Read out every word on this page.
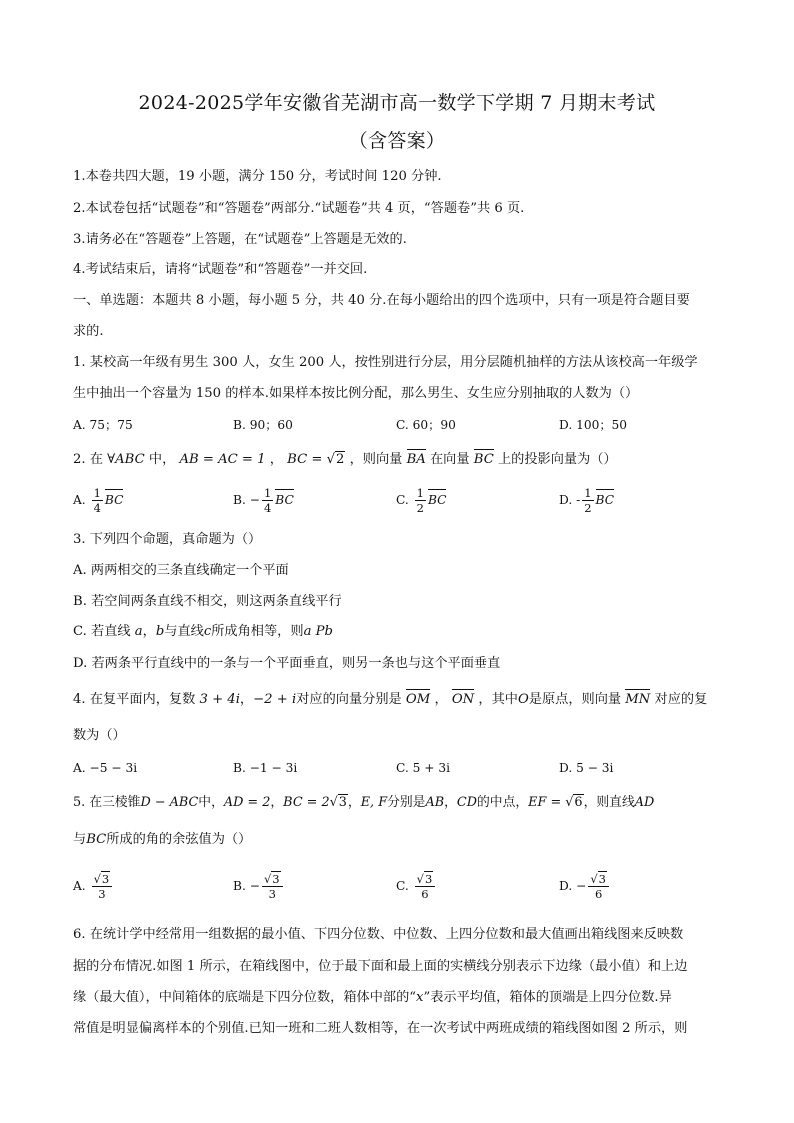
2024-2025学年安徽省芜湖市高一数学下学期 7 月期末考试
（含答案）
1.本卷共四大题，19 小题，满分 150 分，考试时间 120 分钟.
2.本试卷包括“试题卷”和“答题卷”两部分.“试题卷”共 4 页，“答题卷”共 6 页.
3.请务必在“答题卷”上答题，在“试题卷”上答题是无效的.
4.考试结束后，请将“试题卷”和“答题卷”一并交回.
一、单选题：本题共 8 小题，每小题 5 分，共 40 分.在每小题给出的四个选项中，只有一项是符合题目要
求的.
1. 某校高一年级有男生 300 人，女生 200 人，按性别进行分层，用分层随机抽样的方法从该校高一年级学
生中抽出一个容量为 150 的样本.如果样本按比例分配，那么男生、女生应分别抽取的人数为（）
A. 75；75	B. 90；60	C. 60；90	D. 100；50
2. 在 ∀ABC 中， AB = AC = 1 ， BC = √2 ，则向量 BA 在向量 BC 上的投影向量为（）
A. $\frac{1}{4}$ BC	B. − $\frac{1}{4}$ BC	C. $\frac{1}{2}$ BC	D. - $\frac{1}{2}$ BC
3. 下列四个命题，真命题为（）
A. 两两相交的三条直线确定一个平面
B. 若空间两条直线不相交，则这两条直线平行
C. 若直线 a，b与直线c所成角相等，则a Pb
D. 若两条平行直线中的一条与一个平面垂直，则另一条也与这个平面垂直
4. 在复平面内，复数 3 + 4i，−2 + i对应的向量分别是 OM ， ON ，其中O是原点，则向量 MN 对应的复
数为（）
A. −5 − 3i	B. −1 − 3i	C. 5 + 3i	D. 5 − 3i
5. 在三棱锥D − ABC中，AD = 2，BC = 2√3，E, F分别是AB，CD的中点，EF = √6，则直线AD
与BC所成的角的余弦值为（）
A. $\frac{√3}{3}$	B. − $\frac{√3}{3}$	C. $\frac{√3}{6}$	D. − $\frac{√3}{6}$
6. 在统计学中经常用一组数据的最小值、下四分位数、中位数、上四分位数和最大值画出箱线图来反映数
据的分布情况.如图 1 所示，在箱线图中，位于最下面和最上面的实横线分别表示下边缘（最小值）和上边
缘（最大值），中间箱体的底端是下四分位数，箱体中部的“x”表示平均值，箱体的顶端是上四分位数.异
常值是明显偏离样本的个别值.已知一班和二班人数相等，在一次考试中两班成绩的箱线图如图 2 所示，则
